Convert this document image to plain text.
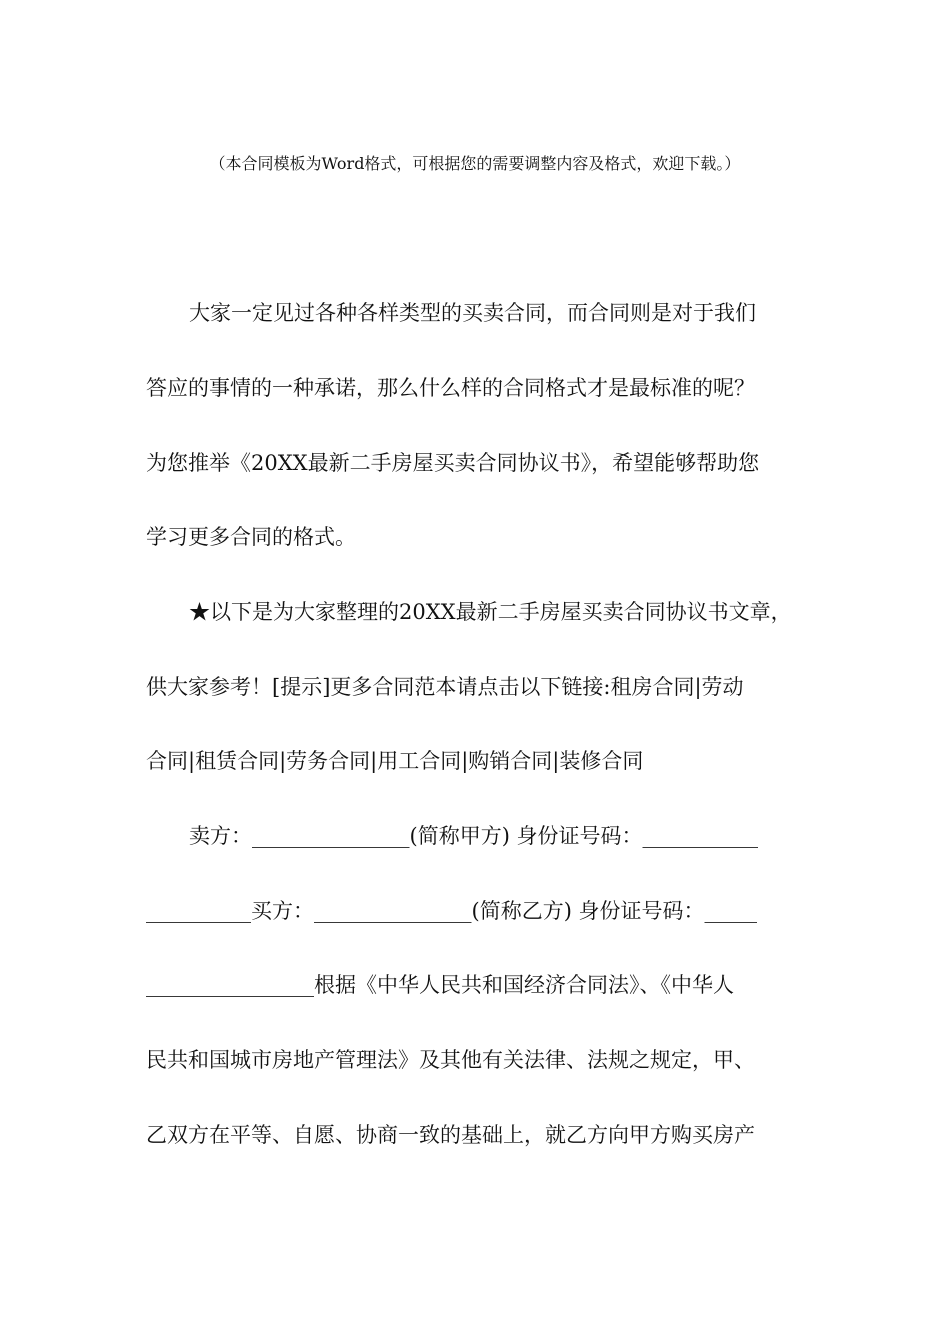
（本合同模板为Word格式，可根据您的需要调整内容及格式，欢迎下载。）
大家一定见过各种各样类型的买卖合同，而合同则是对于我们
答应的事情的一种承诺，那么什么样的合同格式才是最标准的呢？
为您推举《20XX最新二手房屋买卖合同协议书》，希望能够帮助您
学习更多合同的格式。
★以下是为大家整理的20XX最新二手房屋买卖合同协议书文章，
供大家参考！[提示]更多合同范本请点击以下链接:租房合同|劳动
合同|租赁合同|劳务合同|用工合同|购销合同|装修合同
卖方：_______________(简称甲方) 身份证号码：___________
__________买方：_______________(简称乙方) 身份证号码：_____
________________根据《中华人民共和国经济合同法》、《中华人
民共和国城市房地产管理法》及其他有关法律、法规之规定，甲、
乙双方在平等、自愿、协商一致的基础上，就乙方向甲方购买房产
